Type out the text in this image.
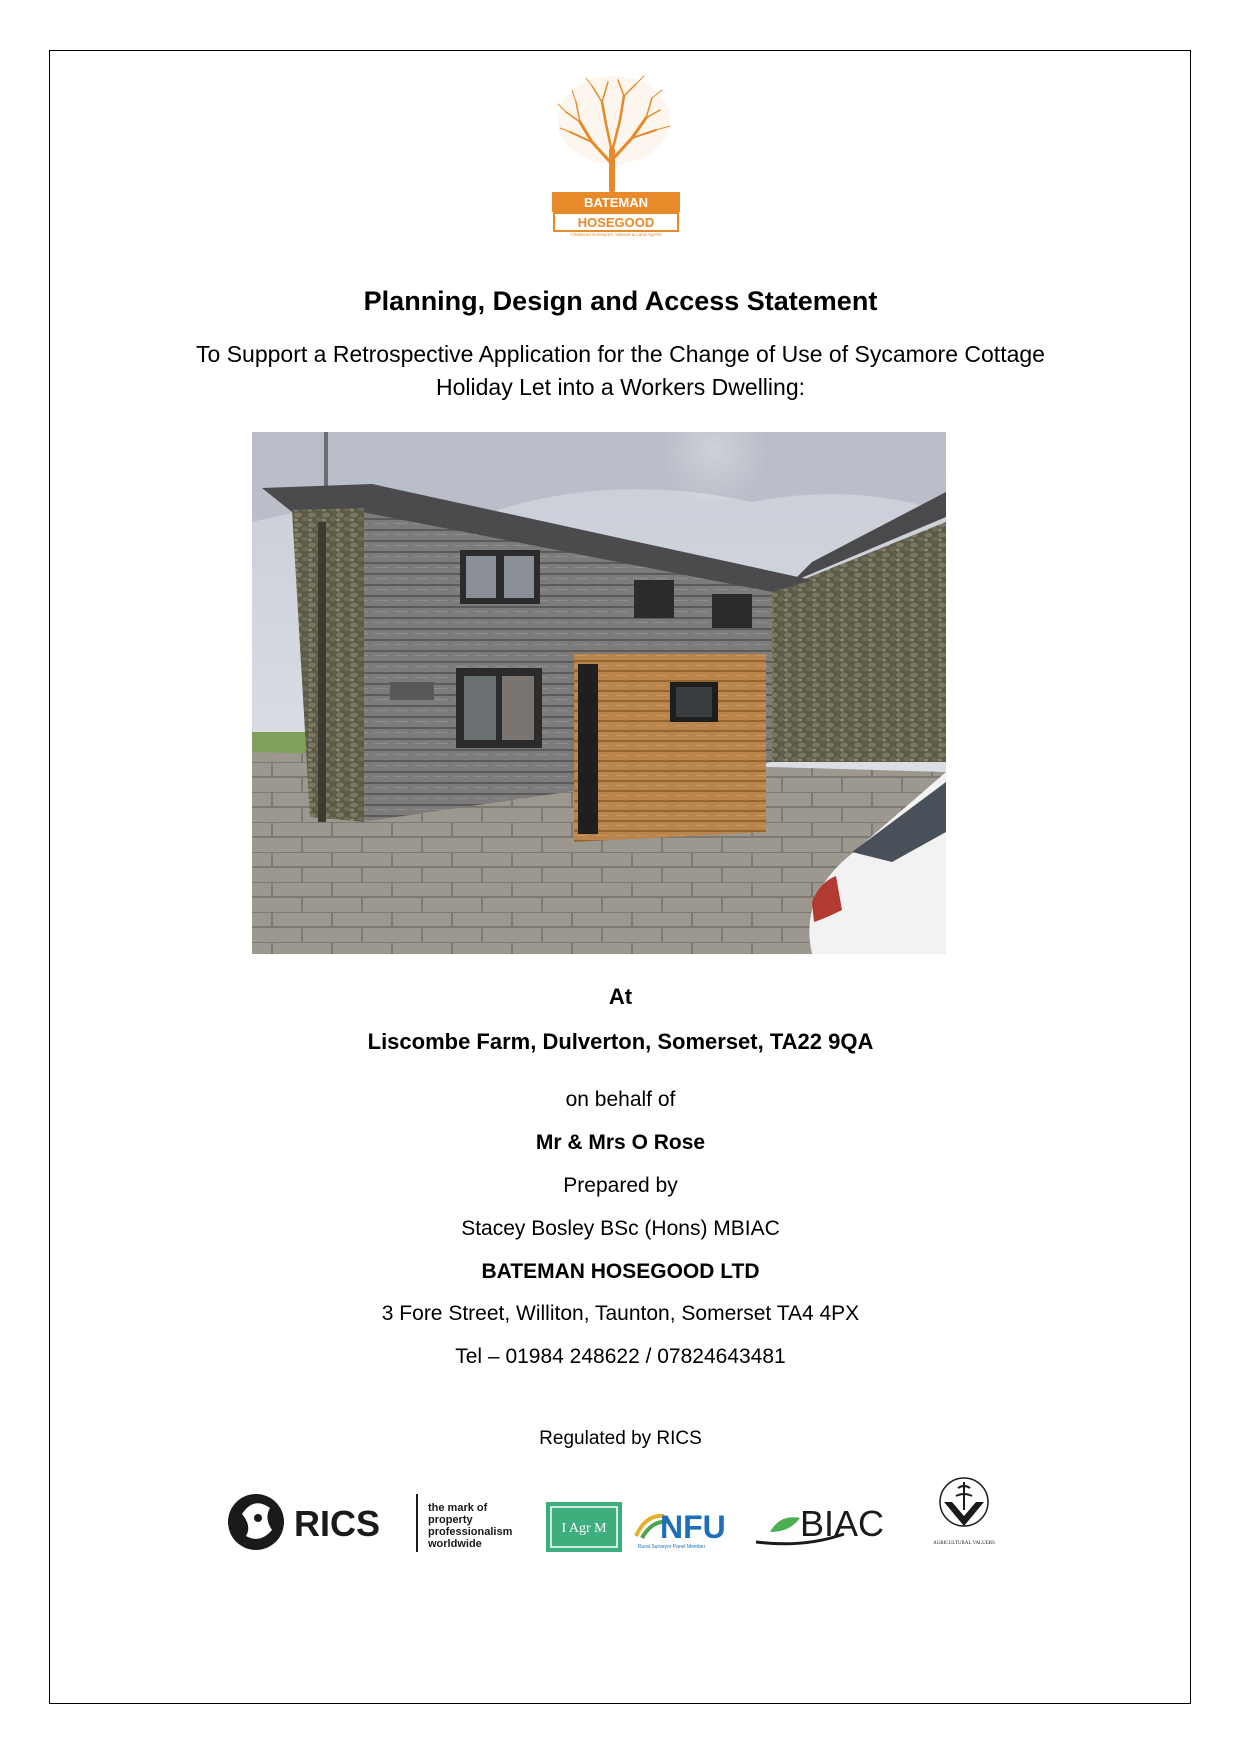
BATEMAN
HOSEGOOD
Chartered Surveyors, Valuers & Land Agents
Planning, Design and Access Statement
To Support a Retrospective Application for the Change of Use of Sycamore Cottage
Holiday Let into a Workers Dwelling:
At
Liscombe Farm, Dulverton, Somerset, TA22 9QA
on behalf of
Mr & Mrs O Rose
Prepared by
Stacey Bosley BSc (Hons) MBIAC
BATEMAN HOSEGOOD LTD
3 Fore Street, Williton, Taunton, Somerset TA4 4PX
Tel – 01984 248622 / 07824643481
Regulated by RICS
RICS	the mark of
property
professionalism
worldwide
I Agr M NFU
Rural Surveyor Panel Member
BIAC	AGRICULTURAL VALUERS
